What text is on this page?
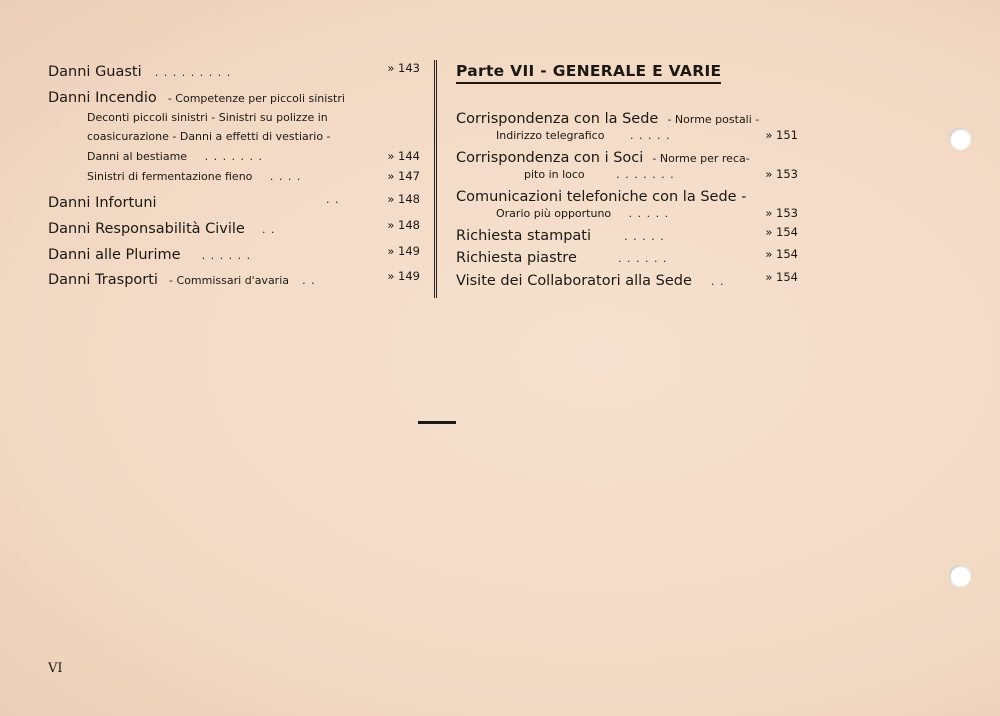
Danni Guasti . . . . . . . . .	» 143
Danni Incendio - Competenze per piccoli sinistri
Deconti piccoli sinistri - Sinistri su polizze in
coasicurazione - Danni a effetti di vestiario -
Danni al bestiame . . . . . . .	» 144
Sinistri di fermentazione fieno . . . .	» 147
Danni Infortuni	. .	» 148
Danni Responsabilità Civile . .	» 148
Danni alle Plurime . . . . . .	» 149
Danni Trasporti - Commissari d'avaria . .	» 149
Parte VII - GENERALE E VARIE
Corrispondenza con la Sede - Norme postali -
Indirizzo telegrafico . . . . .	» 151
Corrispondenza con i Soci - Norme per reca-
pito in loco	. . . . . . .	» 153
Comunicazioni telefoniche con la Sede -
Orario più opportuno . . . . .	» 153
Richiesta stampati	. . . . .	» 154
Richiesta piastre	. . . . . .	» 154
Visite dei Collaboratori alla Sede . .	» 154
VI
